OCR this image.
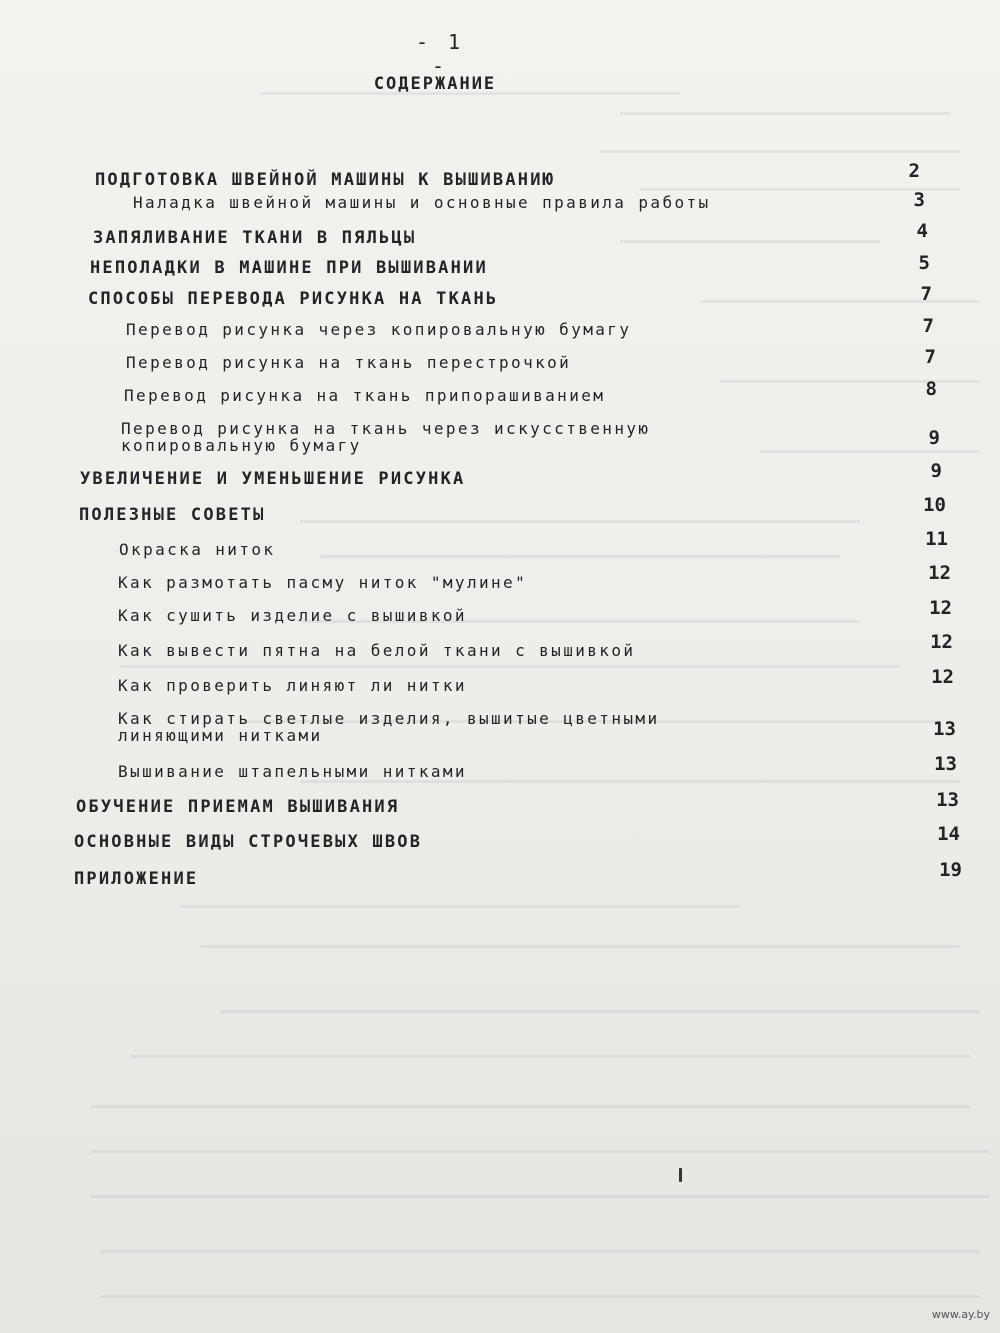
- 1 -
СОДЕРЖАНИЕ
ПОДГОТОВКА ШВЕЙНОЙ МАШИНЫ К ВЫШИВАНИЮ	2
Наладка швейной машины и основные правила работы	3
ЗАПЯЛИВАНИЕ ТКАНИ В ПЯЛЬЦЫ	4
НЕПОЛАДКИ В МАШИНЕ ПРИ ВЫШИВАНИИ	5
СПОСОБЫ ПЕРЕВОДА РИСУНКА НА ТКАНЬ	7
Перевод рисунка через копировальную бумагу	7
Перевод рисунка на ткань перестрочкой	7
Перевод рисунка на ткань припорашиванием	8
Перевод рисунка на ткань через искусственную копировальную бумагу	9
УВЕЛИЧЕНИЕ И УМЕНЬШЕНИЕ РИСУНКА	9
ПОЛЕЗНЫЕ СОВЕТЫ	10
Окраска ниток	11
Как размотать пасму ниток "мулине"	12
Как сушить изделие с вышивкой	12
Как вывести пятна на белой ткани с вышивкой	12
Как проверить линяют ли нитки	12
Как стирать светлые изделия, вышитые цветными линяющими нитками	13
Вышивание штапельными нитками	13
ОБУЧЕНИЕ ПРИЕМАМ ВЫШИВАНИЯ	13
ОСНОВНЫЕ ВИДЫ СТРОЧЕВЫХ ШВОВ	14
ПРИЛОЖЕНИЕ	19
www.ay.by
